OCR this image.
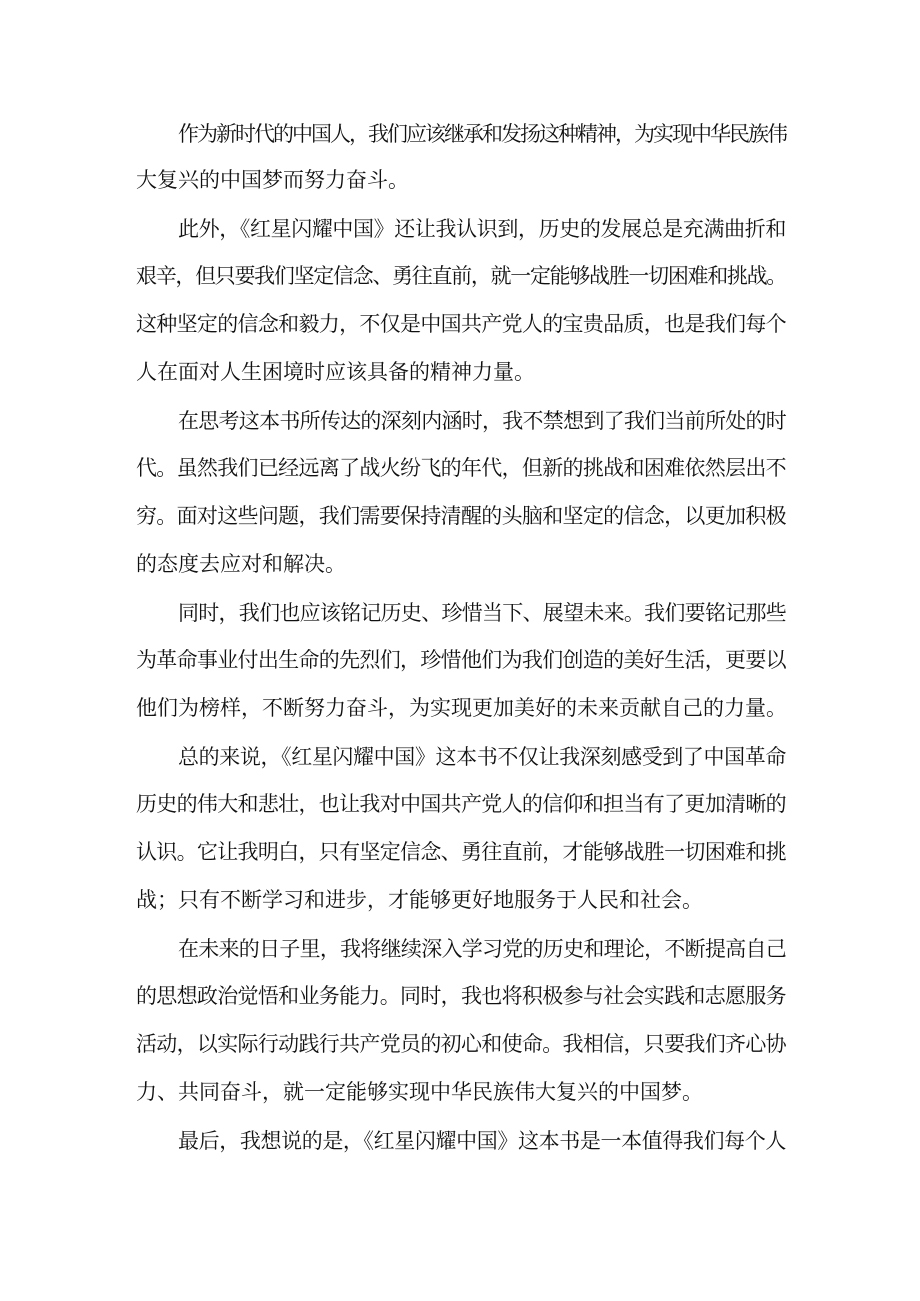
作为新时代的中国人，我们应该继承和发扬这种精神，为实现中华民族伟
大复兴的中国梦而努力奋斗。
此外，《红星闪耀中国》还让我认识到，历史的发展总是充满曲折和
艰辛，但只要我们坚定信念、勇往直前，就一定能够战胜一切困难和挑战。
这种坚定的信念和毅力，不仅是中国共产党人的宝贵品质，也是我们每个
人在面对人生困境时应该具备的精神力量。
在思考这本书所传达的深刻内涵时，我不禁想到了我们当前所处的时
代。虽然我们已经远离了战火纷飞的年代，但新的挑战和困难依然层出不
穷。面对这些问题，我们需要保持清醒的头脑和坚定的信念，以更加积极
的态度去应对和解决。
同时，我们也应该铭记历史、珍惜当下、展望未来。我们要铭记那些
为革命事业付出生命的先烈们，珍惜他们为我们创造的美好生活，更要以
他们为榜样，不断努力奋斗，为实现更加美好的未来贡献自己的力量。
总的来说，《红星闪耀中国》这本书不仅让我深刻感受到了中国革命
历史的伟大和悲壮，也让我对中国共产党人的信仰和担当有了更加清晰的
认识。它让我明白，只有坚定信念、勇往直前，才能够战胜一切困难和挑
战；只有不断学习和进步，才能够更好地服务于人民和社会。
在未来的日子里，我将继续深入学习党的历史和理论，不断提高自己
的思想政治觉悟和业务能力。同时，我也将积极参与社会实践和志愿服务
活动，以实际行动践行共产党员的初心和使命。我相信，只要我们齐心协
力、共同奋斗，就一定能够实现中华民族伟大复兴的中国梦。
最后，我想说的是，《红星闪耀中国》这本书是一本值得我们每个人
